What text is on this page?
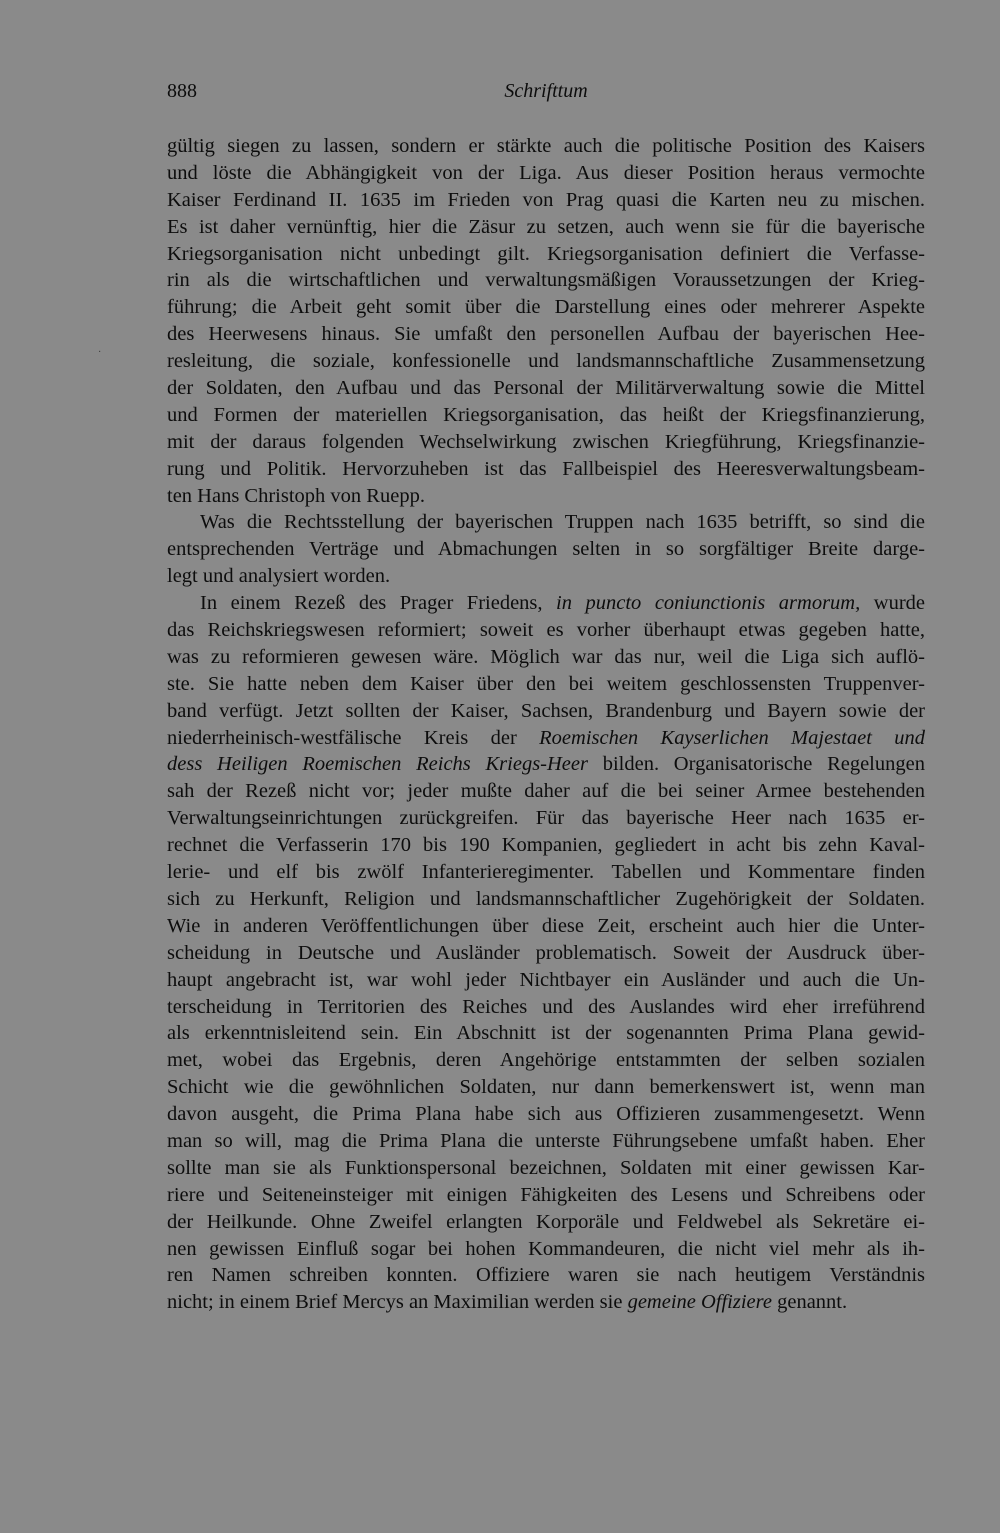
888	Schrifttum
·
gültig siegen zu lassen, sondern er stärkte auch die politische Position des Kaisers
und löste die Abhängigkeit von der Liga. Aus dieser Position heraus vermochte
Kaiser Ferdinand II. 1635 im Frieden von Prag quasi die Karten neu zu mischen.
Es ist daher vernünftig, hier die Zäsur zu setzen, auch wenn sie für die bayerische
Kriegsorganisation nicht unbedingt gilt. Kriegsorganisation definiert die Verfasse-
rin als die wirtschaftlichen und verwaltungsmäßigen Voraussetzungen der Krieg-
führung; die Arbeit geht somit über die Darstellung eines oder mehrerer Aspekte
des Heerwesens hinaus. Sie umfaßt den personellen Aufbau der bayerischen Hee-
resleitung, die soziale, konfessionelle und landsmannschaftliche Zusammensetzung
der Soldaten, den Aufbau und das Personal der Militärverwaltung sowie die Mittel
und Formen der materiellen Kriegsorganisation, das heißt der Kriegsfinanzierung,
mit der daraus folgenden Wechselwirkung zwischen Kriegführung, Kriegsfinanzie-
rung und Politik. Hervorzuheben ist das Fallbeispiel des Heeresverwaltungsbeam-
ten Hans Christoph von Ruepp.
Was die Rechtsstellung der bayerischen Truppen nach 1635 betrifft, so sind die
entsprechenden Verträge und Abmachungen selten in so sorgfältiger Breite darge-
legt und analysiert worden.
In einem Rezeß des Prager Friedens, in puncto coniunctionis armorum, wurde
das Reichskriegswesen reformiert; soweit es vorher überhaupt etwas gegeben hatte,
was zu reformieren gewesen wäre. Möglich war das nur, weil die Liga sich auflö-
ste. Sie hatte neben dem Kaiser über den bei weitem geschlossensten Truppenver-
band verfügt. Jetzt sollten der Kaiser, Sachsen, Brandenburg und Bayern sowie der
niederrheinisch-westfälische Kreis der Roemischen Kayserlichen Majestaet und
dess Heiligen Roemischen Reichs Kriegs-Heer bilden. Organisatorische Regelungen
sah der Rezeß nicht vor; jeder mußte daher auf die bei seiner Armee bestehenden
Verwaltungseinrichtungen zurückgreifen. Für das bayerische Heer nach 1635 er-
rechnet die Verfasserin 170 bis 190 Kompanien, gegliedert in acht bis zehn Kaval-
lerie- und elf bis zwölf Infanterieregimenter. Tabellen und Kommentare finden
sich zu Herkunft, Religion und landsmannschaftlicher Zugehörigkeit der Soldaten.
Wie in anderen Veröffentlichungen über diese Zeit, erscheint auch hier die Unter-
scheidung in Deutsche und Ausländer problematisch. Soweit der Ausdruck über-
haupt angebracht ist, war wohl jeder Nichtbayer ein Ausländer und auch die Un-
terscheidung in Territorien des Reiches und des Auslandes wird eher irreführend
als erkenntnisleitend sein. Ein Abschnitt ist der sogenannten Prima Plana gewid-
met, wobei das Ergebnis, deren Angehörige entstammten der selben sozialen
Schicht wie die gewöhnlichen Soldaten, nur dann bemerkenswert ist, wenn man
davon ausgeht, die Prima Plana habe sich aus Offizieren zusammengesetzt. Wenn
man so will, mag die Prima Plana die unterste Führungsebene umfaßt haben. Eher
sollte man sie als Funktionspersonal bezeichnen, Soldaten mit einer gewissen Kar-
riere und Seiteneinsteiger mit einigen Fähigkeiten des Lesens und Schreibens oder
der Heilkunde. Ohne Zweifel erlangten Korporäle und Feldwebel als Sekretäre ei-
nen gewissen Einfluß sogar bei hohen Kommandeuren, die nicht viel mehr als ih-
ren Namen schreiben konnten. Offiziere waren sie nach heutigem Verständnis
nicht; in einem Brief Mercys an Maximilian werden sie gemeine Offiziere genannt.
